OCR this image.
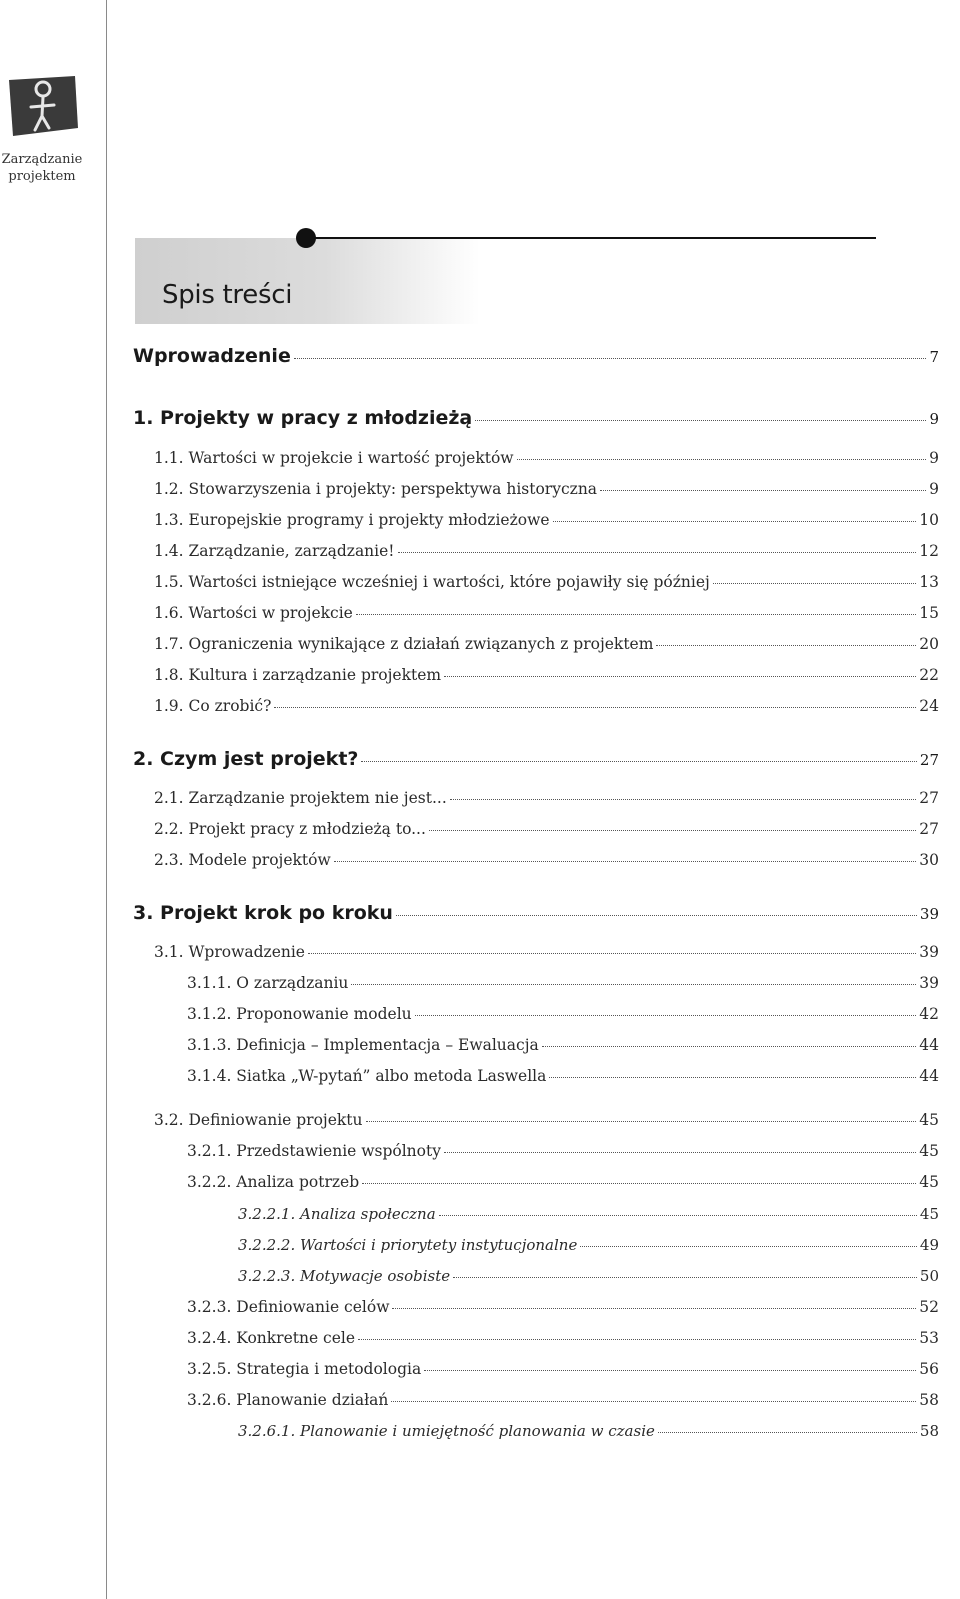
Zarządzanie
projektem
Spis treści
Wprowadzenie	7
1. Projekty w pracy z młodzieżą	9
1.1. Wartości w projekcie i wartość projektów	9
1.2. Stowarzyszenia i projekty: perspektywa historyczna	9
1.3. Europejskie programy i projekty młodzieżowe	10
1.4. Zarządzanie, zarządzanie!	12
1.5. Wartości istniejące wcześniej i wartości, które pojawiły się później	13
1.6. Wartości w projekcie	15
1.7. Ograniczenia wynikające z działań związanych z projektem	20
1.8. Kultura i zarządzanie projektem	22
1.9. Co zrobić?	24
2. Czym jest projekt?	27
2.1. Zarządzanie projektem nie jest...	27
2.2. Projekt pracy z młodzieżą to...	27
2.3. Modele projektów	30
3. Projekt krok po kroku	39
3.1. Wprowadzenie	39
3.1.1. O zarządzaniu	39
3.1.2. Proponowanie modelu	42
3.1.3. Definicja – Implementacja – Ewaluacja	44
3.1.4. Siatka „W-pytań” albo metoda Laswella	44
3.2. Definiowanie projektu	45
3.2.1. Przedstawienie wspólnoty	45
3.2.2. Analiza potrzeb	45
3.2.2.1. Analiza społeczna	45
3.2.2.2. Wartości i priorytety instytucjonalne	49
3.2.2.3. Motywacje osobiste	50
3.2.3. Definiowanie celów	52
3.2.4. Konkretne cele	53
3.2.5. Strategia i metodologia	56
3.2.6. Planowanie działań	58
3.2.6.1. Planowanie i umiejętność planowania w czasie	58
